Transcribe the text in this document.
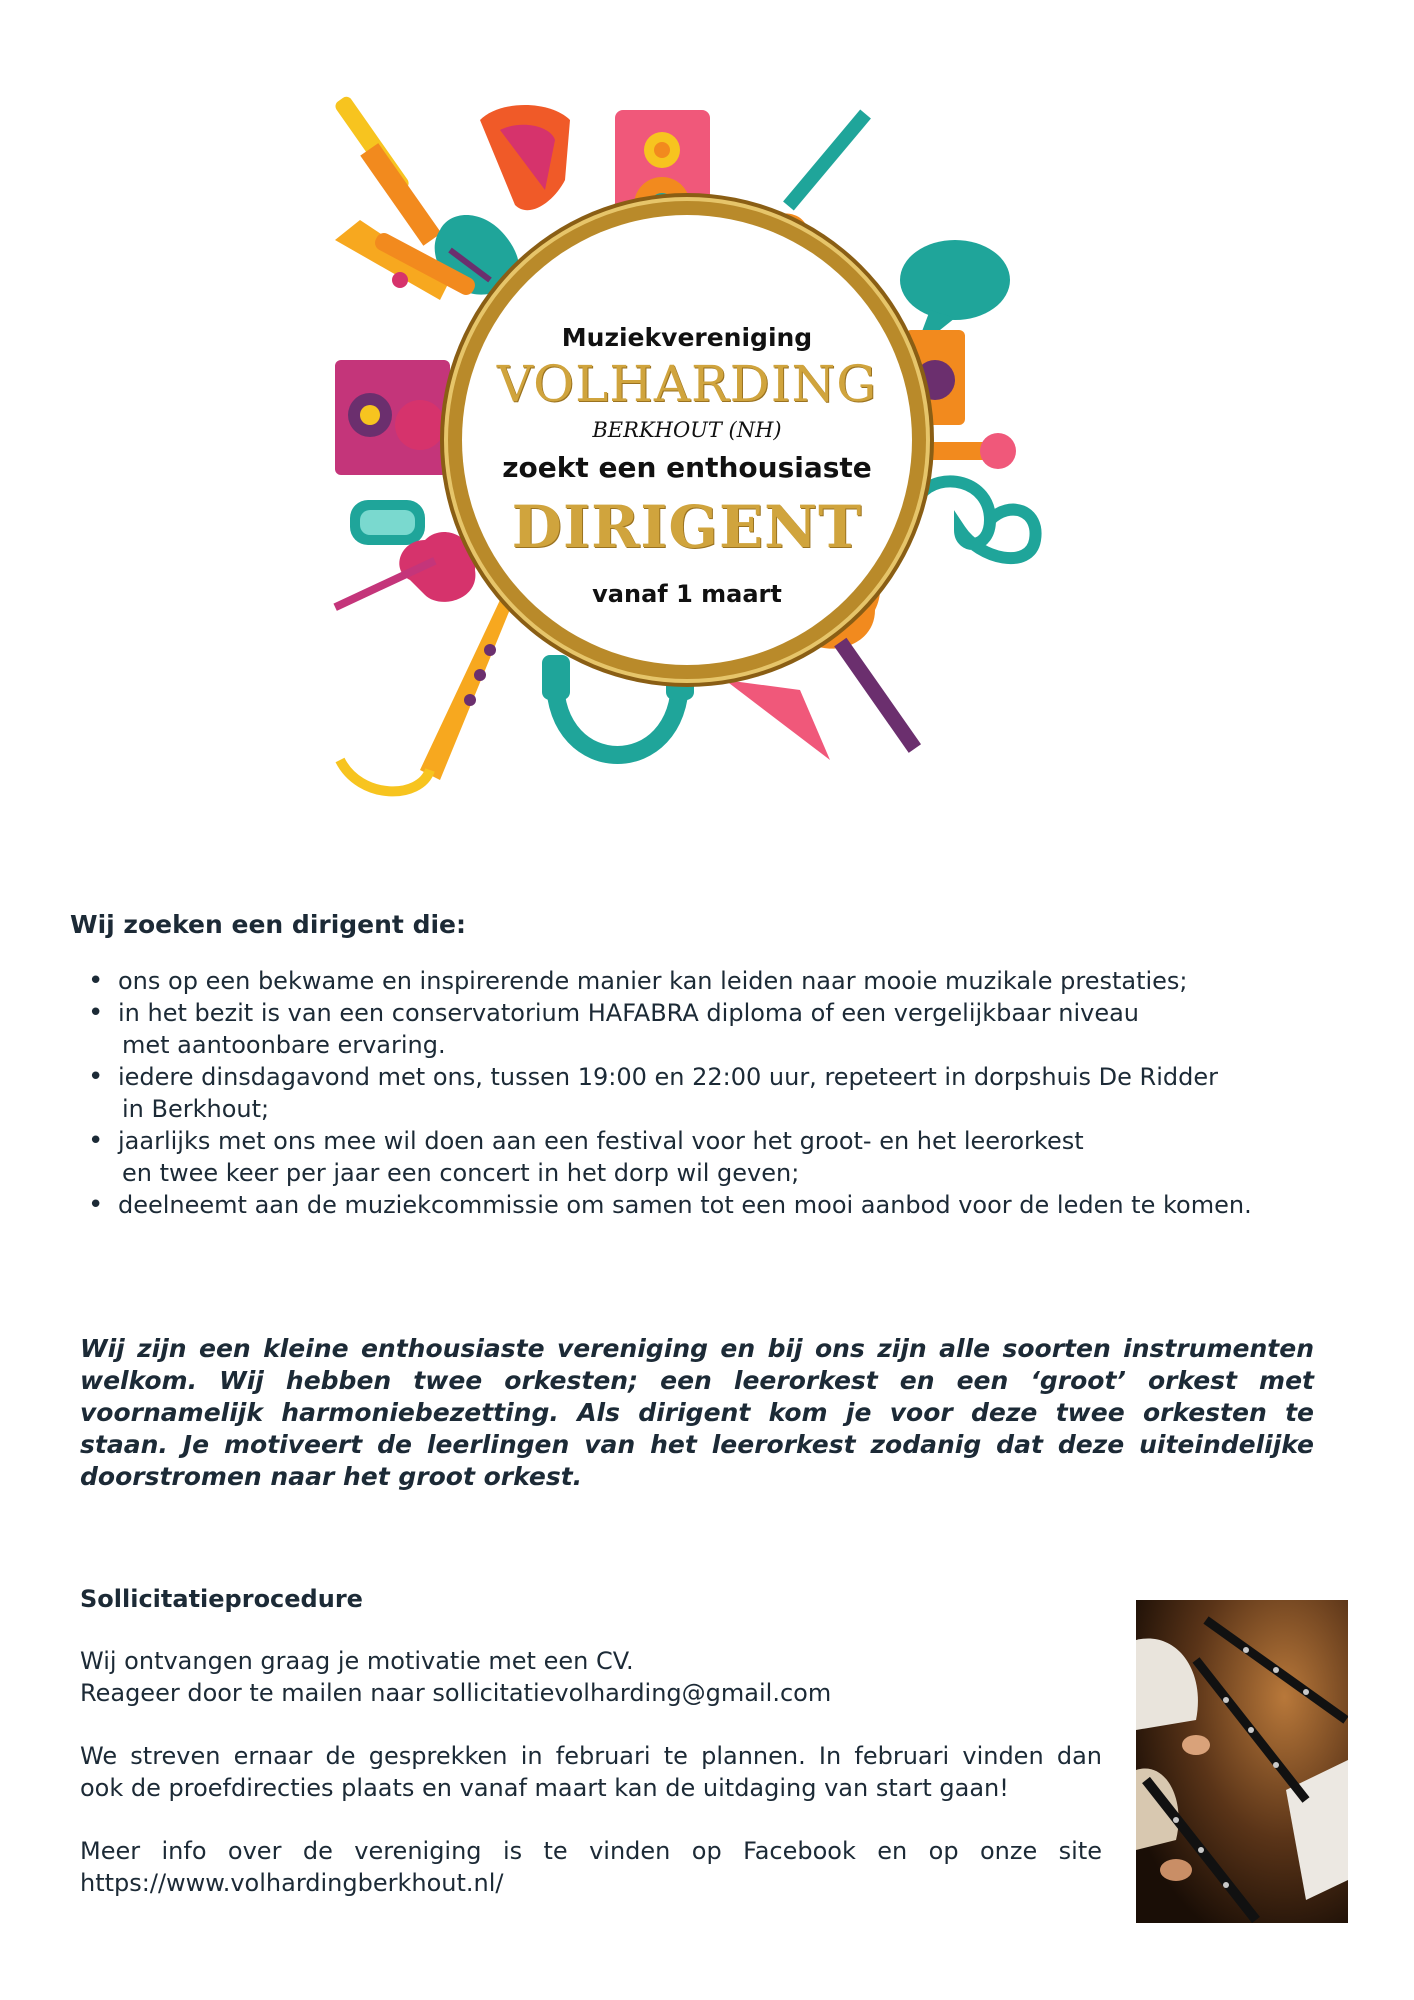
Muziekvereniging
VOLHARDING
BERKHOUT (NH)
zoekt een enthousiaste
DIRIGENT
vanaf 1 maart
Wij zoeken een dirigent die:
• ons op een bekwame en inspirerende manier kan leiden naar mooie muzikale prestaties;
• in het bezit is van een conservatorium HAFABRA diploma of een vergelijkbaar niveau
met aantoonbare ervaring.
• iedere dinsdagavond met ons, tussen 19:00 en 22:00 uur, repeteert in dorpshuis De Ridder
in Berkhout;
• jaarlijks met ons mee wil doen aan een festival voor het groot- en het leerorkest
en twee keer per jaar een concert in het dorp wil geven;
• deelneemt aan de muziekcommissie om samen tot een mooi aanbod voor de leden te komen.
Wij zijn een kleine enthousiaste vereniging en bij ons zijn alle soorten instrumenten welkom. Wij hebben twee orkesten; een leerorkest en een ‘groot’ orkest met voornamelijk harmoniebezetting. Als dirigent kom je voor deze twee orkesten te staan. Je motiveert de leerlingen van het leerorkest zodanig dat deze uiteindelijke doorstromen naar het groot orkest.
Sollicitatieprocedure
Wij ontvangen graag je motivatie met een CV.
Reageer door te mailen naar sollicitatievolharding@gmail.com
We streven ernaar de gesprekken in februari te plannen. In februari vinden dan
ook de proefdirecties plaats en vanaf maart kan de uitdaging van start gaan!
Meer info over de vereniging is te vinden op Facebook en op onze site
https://www.volhardingberkhout.nl/
